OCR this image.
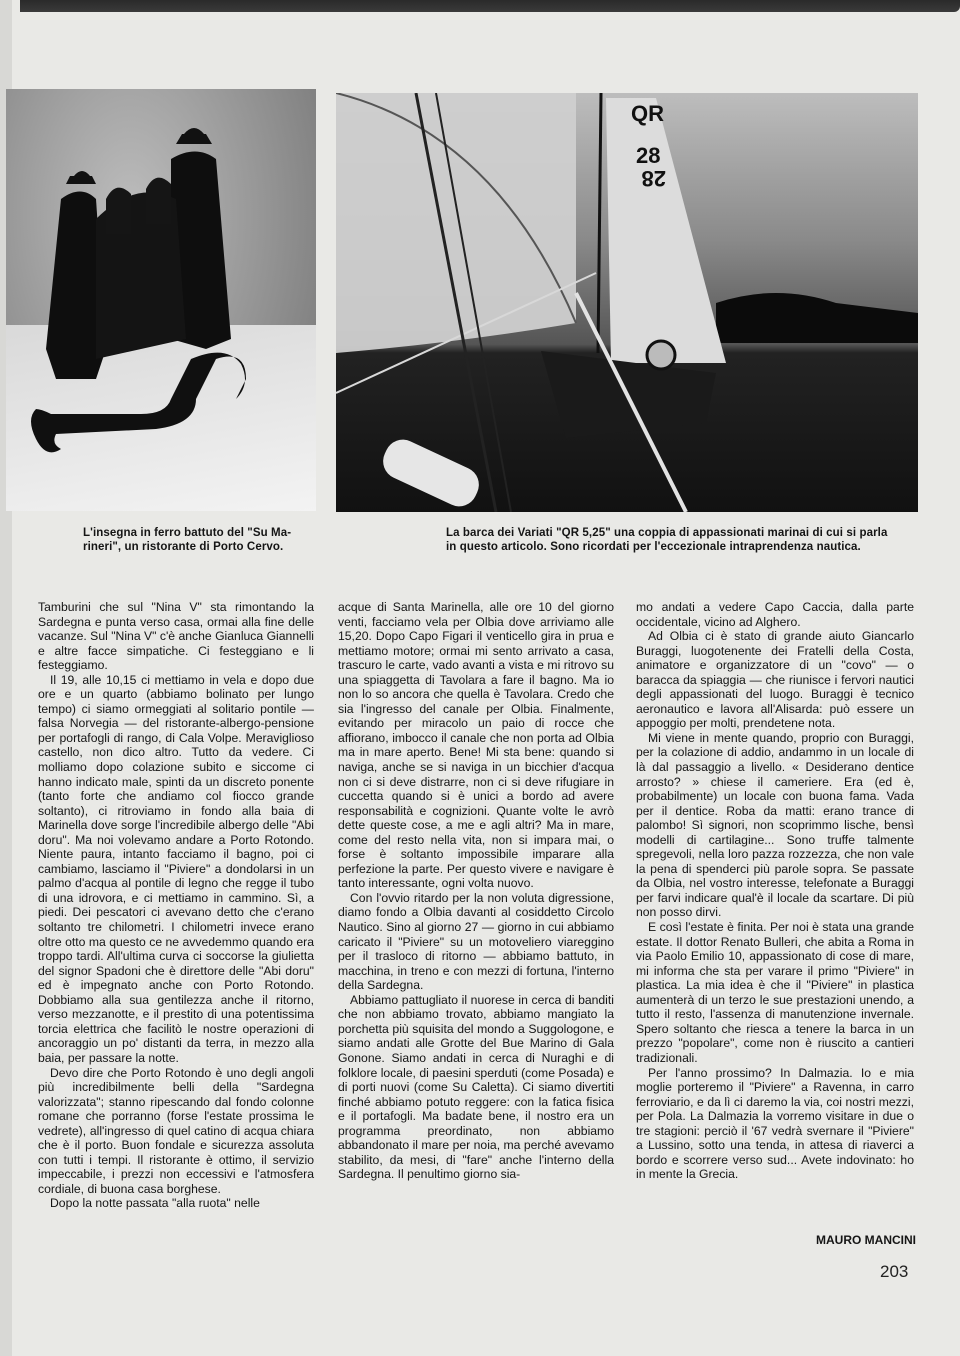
QR
28
28
L'insegna in ferro battuto del "Su Ma-
rineri", un ristorante di Porto Cervo.
La barca dei Variati "QR 5,25" una coppia di appassionati marinai di cui si parla
in questo articolo. Sono ricordati per l'eccezionale intraprendenza nautica.

Tamburini che sul "Nina V" sta rimontando la Sardegna e punta verso casa, ormai alla fine delle vacanze. Sul "Nina V" c'è anche Gianluca Giannelli e altre facce simpatiche. Ci festeggiano e li festeggiamo.

Il 19, alle 10,15 ci mettiamo in vela e dopo due ore e un quarto (abbiamo bolinato per lungo tempo) ci siamo ormeggiati al solitario pontile — falsa Norvegia — del ristorante-albergo-pensione per portafogli di rango, di Cala Volpe. Meraviglioso castello, non dico altro. Tutto da vedere. Ci molliamo dopo colazione subito e siccome ci hanno indicato male, spinti da un discreto ponente (tanto forte che andiamo col fiocco grande soltanto), ci ritroviamo in fondo alla baia di Marinella dove sorge l'incredibile albergo delle "Abi doru". Ma noi volevamo andare a Porto Rotondo. Niente paura, intanto facciamo il bagno, poi ci cambiamo, lasciamo il "Piviere" a dondolarsi in un palmo d'acqua al pontile di legno che regge il tubo di una idrovora, e ci mettiamo in cammino. Sì, a piedi. Dei pescatori ci avevano detto che c'erano soltanto tre chilometri. I chilometri invece erano oltre otto ma questo ce ne avvedemmo quando era troppo tardi. All'ultima curva ci soccorse la giulietta del signor Spadoni che è direttore delle "Abi doru" ed è impegnato anche con Porto Rotondo. Dobbiamo alla sua gentilezza anche il ritorno, verso mezzanotte, e il prestito di una potentissima torcia elettrica che facilitò le nostre operazioni di ancoraggio un po' distanti da terra, in mezzo alla baia, per passare la notte.

Devo dire che Porto Rotondo è uno degli angoli più incredibilmente belli della "Sardegna valorizzata"; stanno ripescando dal fondo colonne romane che porranno (forse l'estate prossima le vedrete), all'ingresso di quel catino di acqua chiara che è il porto. Buon fondale e sicurezza assoluta con tutti i tempi. Il ristorante è ottimo, il servizio impeccabile, i prezzi non eccessivi e l'atmosfera cordiale, di buona casa borghese.

Dopo la notte passata "alla ruota" nelle

acque di Santa Marinella, alle ore 10 del giorno venti, facciamo vela per Olbia dove arriviamo alle 15,20. Dopo Capo Figari il venticello gira in prua e mettiamo motore; ormai mi sento arrivato a casa, trascuro le carte, vado avanti a vista e mi ritrovo su una spiaggetta di Tavolara a fare il bagno. Ma io non lo so ancora che quella è Tavolara. Credo che sia l'ingresso del canale per Olbia. Finalmente, evitando per miracolo un paio di rocce che affiorano, imbocco il canale che non porta ad Olbia ma in mare aperto. Bene! Mi sta bene: quando si naviga, anche se si naviga in un bicchier d'acqua non ci si deve distrarre, non ci si deve rifugiare in cuccetta quando si è unici a bordo ad avere responsabilità e cognizioni. Quante volte le avrò dette queste cose, a me e agli altri? Ma in mare, come del resto nella vita, non si impara mai, o forse è soltanto impossibile imparare alla perfezione la parte. Per questo vivere e navigare è tanto interessante, ogni volta nuovo.

Con l'ovvio ritardo per la non voluta digressione, diamo fondo a Olbia davanti al cosiddetto Circolo Nautico. Sino al giorno 27 — giorno in cui abbiamo caricato il "Piviere" su un motoveliero viareggino per il trasloco di ritorno — abbiamo battuto, in macchina, in treno e con mezzi di fortuna, l'interno della Sardegna.

Abbiamo pattugliato il nuorese in cerca di banditi che non abbiamo trovato, abbiamo mangiato la porchetta più squisita del mondo a Suggologone, e siamo andati alle Grotte del Bue Marino di Gala Gonone. Siamo andati in cerca di Nuraghi e di folklore locale, di paesini sperduti (come Posada) e di porti nuovi (come Su Caletta). Ci siamo divertiti finché abbiamo potuto reggere: con la fatica fisica e il portafogli. Ma badate bene, il nostro era un programma preordinato, non abbiamo abbandonato il mare per noia, ma perché avevamo stabilito, da mesi, di "fare" anche l'interno della Sardegna. Il penultimo giorno sia-

mo andati a vedere Capo Caccia, dalla parte occidentale, vicino ad Alghero.

Ad Olbia ci è stato di grande aiuto Giancarlo Buraggi, luogotenente dei Fratelli della Costa, animatore e organizzatore di un "covo" — o baracca da spiaggia — che riunisce i fervori nautici degli appassionati del luogo. Buraggi è tecnico aeronautico e lavora all'Alisarda: può essere un appoggio per molti, prendetene nota.

Mi viene in mente quando, proprio con Buraggi, per la colazione di addio, andammo in un locale di là dal passaggio a livello. « Desiderano dentice arrosto? » chiese il cameriere. Era (ed è, probabilmente) un locale con buona fama. Vada per il dentice. Roba da matti: erano trance di palombo! Sì signori, non scoprimmo lische, bensì modelli di cartilagine... Sono truffe talmente spregevoli, nella loro pazza rozzezza, che non vale la pena di spenderci più parole sopra. Se passate da Olbia, nel vostro interesse, telefonate a Buraggi per farvi indicare qual'è il locale da scartare. Di più non posso dirvi.

E così l'estate è finita. Per noi è stata una grande estate. Il dottor Renato Bulleri, che abita a Roma in via Paolo Emilio 10, appassionato di cose di mare, mi informa che sta per varare il primo "Piviere" in plastica. La mia idea è che il "Piviere" in plastica aumenterà di un terzo le sue prestazioni unendo, a tutto il resto, l'assenza di manutenzione invernale. Spero soltanto che riesca a tenere la barca in un prezzo "popolare", come non è riuscito a cantieri tradizionali.

Per l'anno prossimo? In Dalmazia. Io e mia moglie porteremo il "Piviere" a Ravenna, in carro ferroviario, e da lì ci daremo la via, coi nostri mezzi, per Pola. La Dalmazia la vorremo visitare in due o tre stagioni: perciò il '67 vedrà svernare il "Piviere" a Lussino, sotto una tenda, in attesa di riaverci a bordo e scorrere verso sud... Avete indovinato: ho in mente la Grecia.

MAURO MANCINI
203
